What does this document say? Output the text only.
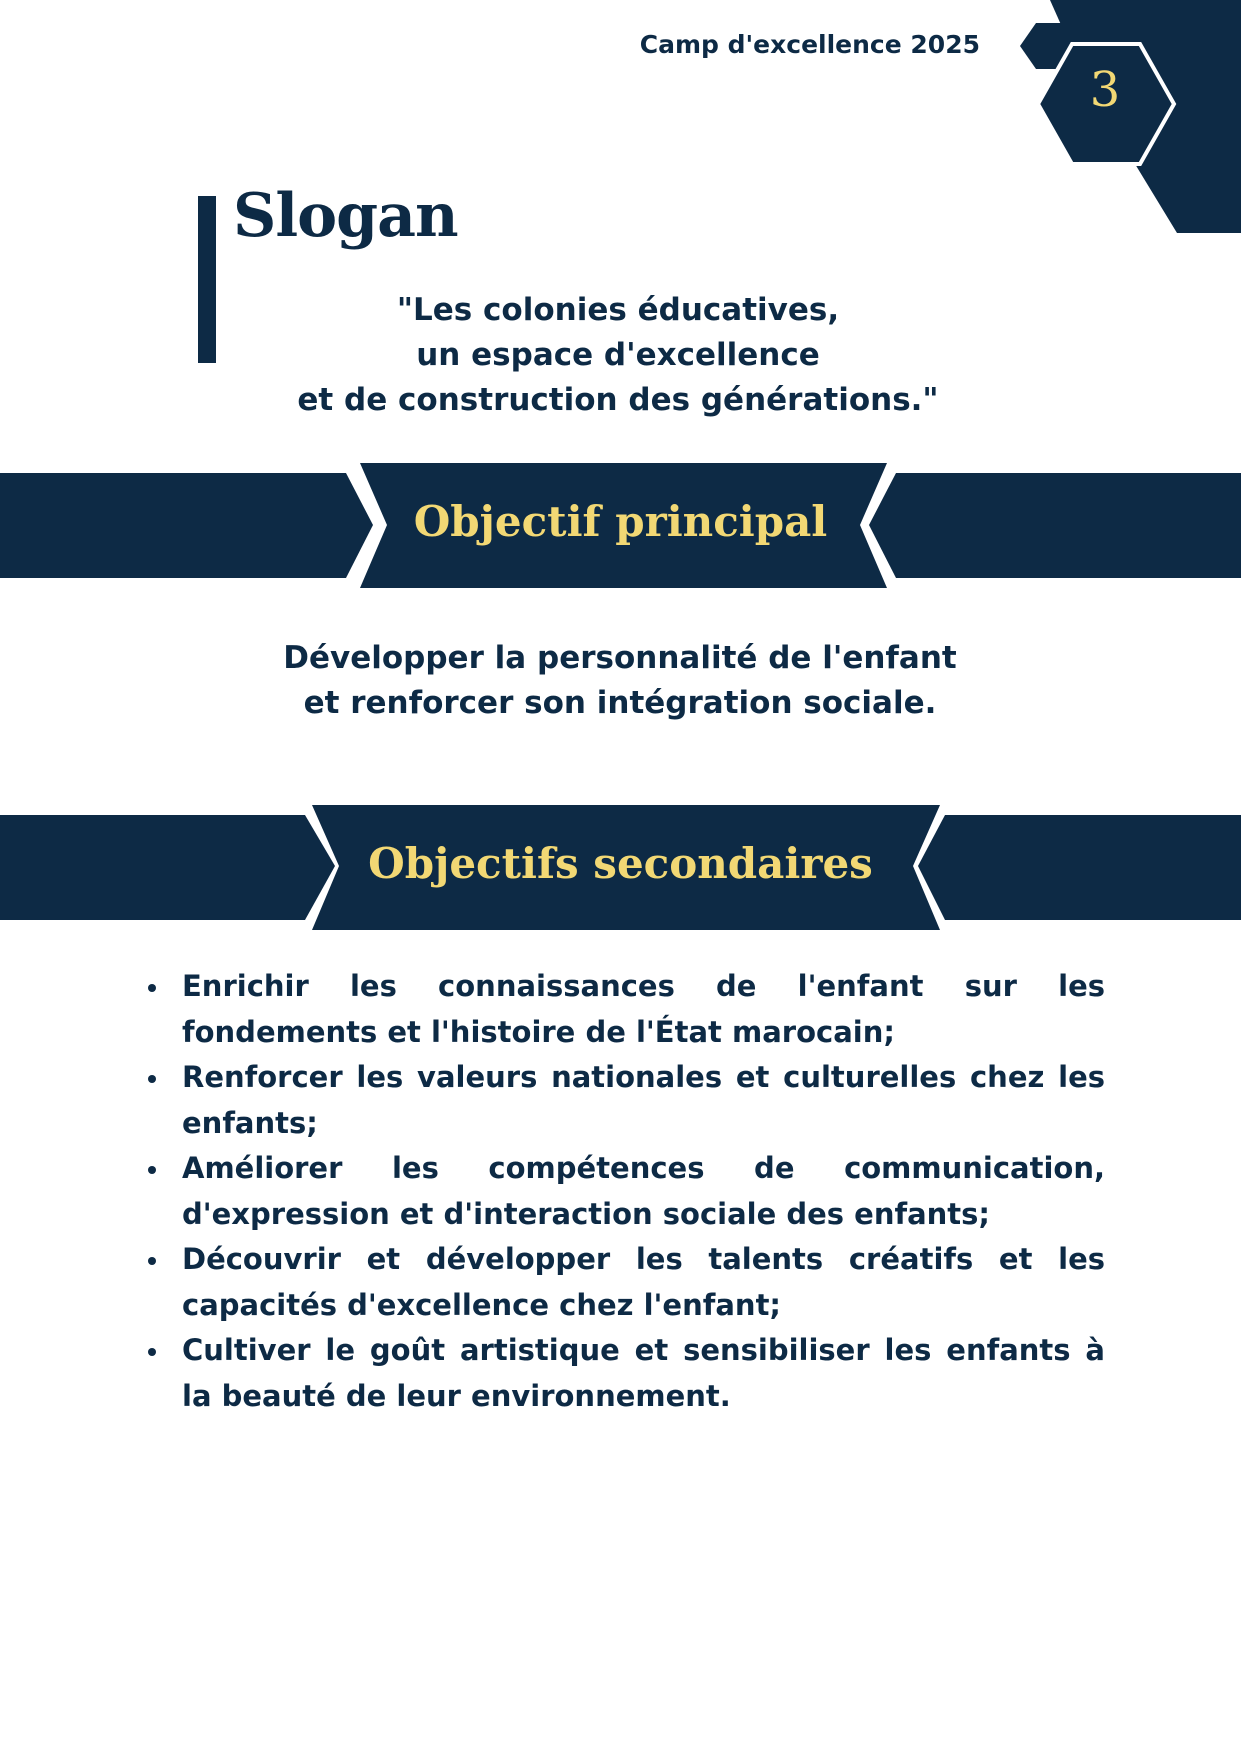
Camp d'excellence 2025
3
Slogan
"Les colonies éducatives,
un espace d'excellence
et de construction des générations."
Objectif principal
Développer la personnalité de l'enfant
et renforcer son intégration sociale.
Objectifs secondaires
Enrichir les connaissances de l'enfant sur les fondements et l'histoire de l'État marocain;
Renforcer les valeurs nationales et culturelles chez les enfants;
Améliorer les compétences de communication, d'expression et d'interaction sociale des enfants;
Découvrir et développer les talents créatifs et les capacités d'excellence chez l'enfant;
Cultiver le goût artistique et sensibiliser les enfants à la beauté de leur environnement.
